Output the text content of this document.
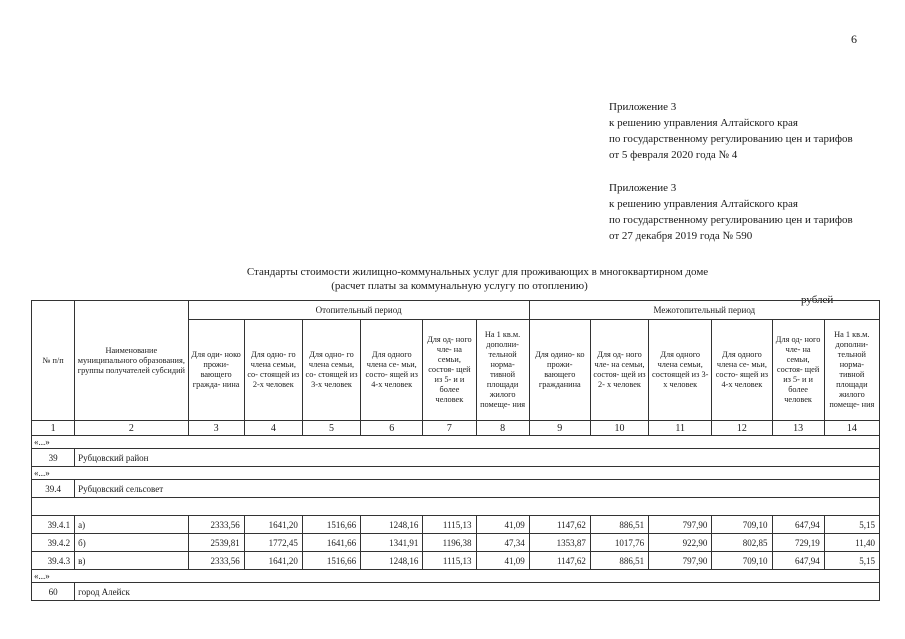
6
Приложение 3
к решению управления Алтайского края
по государственному регулированию цен и тарифов
от 5 февраля 2020 года № 4
Приложение 3
к решению управления Алтайского края
по государственному регулированию цен и тарифов
от 27 декабря 2019 года № 590
Стандарты стоимости жилищно-коммунальных услуг для проживающих в многоквартирном доме
(расчет платы за коммунальную услугу по отоплению)
рублей
№ п/п	Наименование муниципального образования, группы получателей субсидий	Отопительный период						Межотопительный период					
		Для оди- ноко прожи- вающего гражда- нина	Для одно- го члена семьи, со- стоящей из 2-х человек	Для одно- го члена семьи, со- стоящей из 3-х человек	Для одного члена се- мьи, состо- ящей из 4-х человек	Для од- ного чле- на семьи, состоя- щей из 5- и и более человек	На 1 кв.м. дополни- тельной норма- тивной площади жилого помеще- ния	Для одино- ко прожи- вающего гражданина	Для од- ного чле- на семьи, состоя- щей из 2- х человек	Для одного члена семьи, состоящей из 3-х человек	Для одного члена се- мьи, состо- ящей из 4-х человек	Для од- ного чле- на семьи, состоя- щей из 5- и и более человек	На 1 кв.м. дополни- тельной норма- тивной площади жилого помеще- ния
1	2	3	4	5	6	7	8	9	10	11	12	13	14
«...»													
39	Рубцовский район												
«...»													
39.4	Рубцовский сельсовет												

39.4.1	а)	2333,56	1641,20	1516,66	1248,16	1115,13	41,09	1147,62	886,51	797,90	709,10	647,94	5,15
39.4.2	б)	2539,81	1772,45	1641,66	1341,91	1196,38	47,34	1353,87	1017,76	922,90	802,85	729,19	11,40
39.4.3	в)	2333,56	1641,20	1516,66	1248,16	1115,13	41,09	1147,62	886,51	797,90	709,10	647,94	5,15
«...»													
60	город Алейск												
